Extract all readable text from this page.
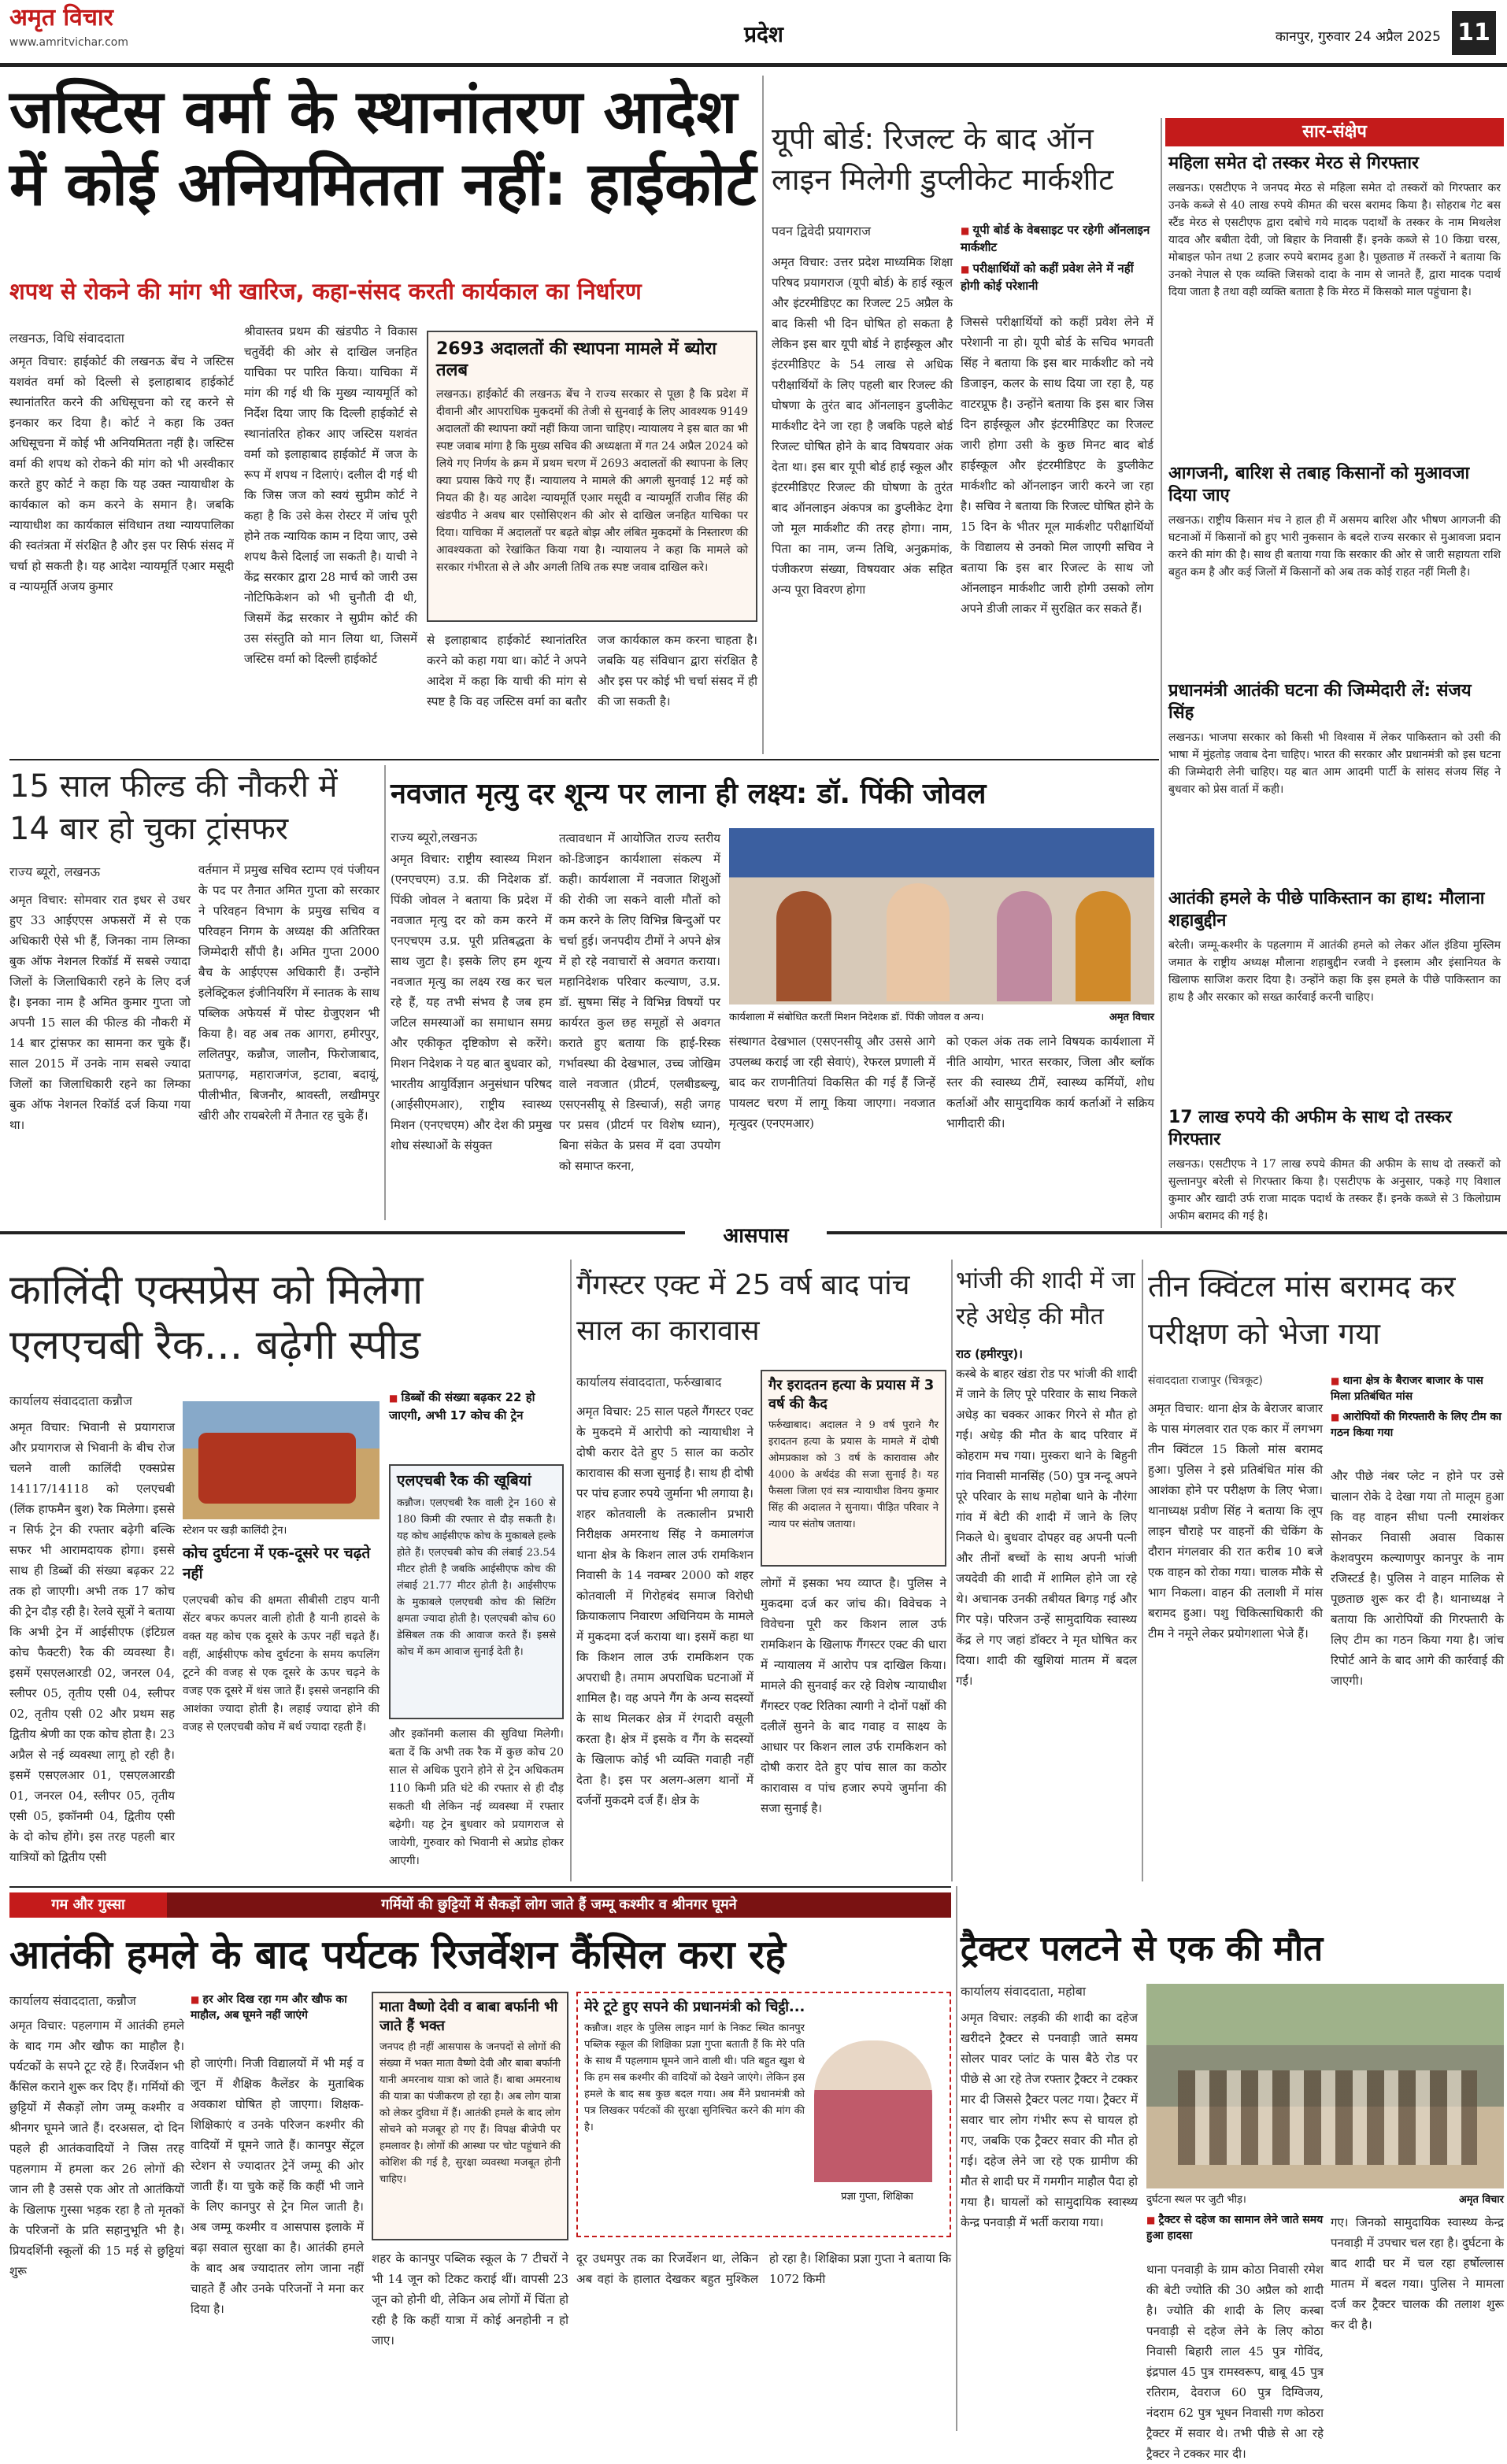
अमृत विचार
www.amritvichar.com	प्रदेश	कानपुर, गुरुवार 24 अप्रैल 2025 11
जस्टिस वर्मा के स्थानांतरण आदेश में कोई अनियमितता नहीं: हाईकोर्ट
शपथ से रोकने की मांग भी खारिज, कहा-संसद करती कार्यकाल का निर्धारण
लखनऊ, विधि संवाददाता
अमृत विचार: हाईकोर्ट की लखनऊ बेंच ने जस्टिस यशवंत वर्मा को दिल्ली से इलाहाबाद हाईकोर्ट स्थानांतरित करने की अधिसूचना को रद्द करने से इनकार कर दिया है। कोर्ट ने कहा कि उक्त अधिसूचना में कोई भी अनियमितता नहीं है। जस्टिस वर्मा की शपथ को रोकने की मांग को भी अस्वीकार करते हुए कोर्ट ने कहा कि यह उक्त न्यायाधीश के कार्यकाल को कम करने के समान है। जबकि न्यायाधीश का कार्यकाल संविधान तथा न्यायपालिका की स्वतंत्रता में संरक्षित है और इस पर सिर्फ संसद में चर्चा हो सकती है। यह आदेश न्यायमूर्ति एआर मसूदी व न्यायमूर्ति अजय कुमार
श्रीवास्तव प्रथम की खंडपीठ ने विकास चतुर्वेदी की ओर से दाखिल जनहित याचिका पर पारित किया। याचिका में मांग की गई थी कि मुख्य न्यायमूर्ति को निर्देश दिया जाए कि दिल्ली हाईकोर्ट से स्थानांतरित होकर आए जस्टिस यशवंत वर्मा को इलाहाबाद हाईकोर्ट में जज के रूप में शपथ न दिलाएं। दलील दी गई थी कि जिस जज को स्वयं सुप्रीम कोर्ट ने कहा है कि उसे केस रोस्टर में जांच पूरी होने तक न्यायिक काम न दिया जाए, उसे शपथ कैसे दिलाई जा सकती है। याची ने केंद्र सरकार द्वारा 28 मार्च को जारी उस नोटिफिकेशन को भी चुनौती दी थी, जिसमें केंद्र सरकार ने सुप्रीम कोर्ट की उस संस्तुति को मान लिया था, जिसमें जस्टिस वर्मा को दिल्ली हाईकोर्ट
2693 अदालतों की स्थापना मामले में ब्योरा तलब
लखनऊ। हाईकोर्ट की लखनऊ बेंच ने राज्य सरकार से पूछा है कि प्रदेश में दीवानी और आपराधिक मुकदमों की तेजी से सुनवाई के लिए आवश्यक 9149 अदालतों की स्थापना क्यों नहीं किया जाना चाहिए। न्यायालय ने इस बात का भी स्पष्ट जवाब मांगा है कि मुख्य सचिव की अध्यक्षता में गत 24 अप्रैल 2024 को लिये गए निर्णय के क्रम में प्रथम चरण में 2693 अदालतों की स्थापना के लिए क्या प्रयास किये गए हैं। न्यायालय ने मामले की अगली सुनवाई 12 मई को नियत की है। यह आदेश न्यायमूर्ति एआर मसूदी व न्यायमूर्ति राजीव सिंह की खंडपीठ ने अवध बार एसोसिएशन की ओर से दाखिल जनहित याचिका पर दिया। याचिका में अदालतों पर बढ़ते बोझ और लंबित मुकदमों के निस्तारण की आवश्यकता को रेखांकित किया गया है। न्यायालय ने कहा कि मामले को सरकार गंभीरता से ले और अगली तिथि तक स्पष्ट जवाब दाखिल करे।
से इलाहाबाद हाईकोर्ट स्थानांतरित करने को कहा गया था। कोर्ट ने अपने आदेश में कहा कि याची की मांग से स्पष्ट है कि वह जस्टिस वर्मा का बतौर जज कार्यकाल कम करना चाहता है। जबकि यह संविधान द्वारा संरक्षित है और इस पर कोई भी चर्चा संसद में ही की जा सकती है।
यूपी बोर्ड: रिजल्ट के बाद ऑन लाइन मिलेगी डुप्लीकेट मार्कशीट
पवन द्विवेदी प्रयागराज	■ यूपी बोर्ड के वेबसाइट पर रहेगी ऑनलाइन मार्कशीट
■ परीक्षार्थियों को कहीं प्रवेश लेने में नहीं होगी कोई परेशानी
अमृत विचार: उत्तर प्रदेश माध्यमिक शिक्षा परिषद प्रयागराज (यूपी बोर्ड) के हाई स्कूल और इंटरमीडिएट का रिजल्ट 25 अप्रैल के बाद किसी भी दिन घोषित हो सकता है लेकिन इस बार यूपी बोर्ड ने हाईस्कूल और इंटरमीडिएट के 54 लाख से अधिक परीक्षार्थियों के लिए पहली बार रिजल्ट की घोषणा के तुरंत बाद ऑनलाइन डुप्लीकेट मार्कशीट देने जा रहा है जबकि पहले बोर्ड रिजल्ट घोषित होने के बाद विषयवार अंक देता था। इस बार यूपी बोर्ड हाई स्कूल और इंटरमीडिएट रिजल्ट की घोषणा के तुरंत बाद ऑनलाइन अंकपत्र का डुप्लीकेट देगा जो मूल मार्कशीट की तरह होगा। नाम, पिता का नाम, जन्म तिथि, अनुक्रमांक, पंजीकरण संख्या, विषयवार अंक सहित अन्य पूरा विवरण होगा
जिससे परीक्षार्थियों को कहीं प्रवेश लेने में परेशानी ना हो। यूपी बोर्ड के सचिव भगवती सिंह ने बताया कि इस बार मार्कशीट को नये डिजाइन, कलर के साथ दिया जा रहा है, यह वाटरप्रूफ है। उन्होंने बताया कि इस बार जिस दिन हाईस्कूल और इंटरमीडिएट का रिजल्ट जारी होगा उसी के कुछ मिनट बाद बोर्ड हाईस्कूल और इंटरमीडिएट के डुप्लीकेट मार्कशीट को ऑनलाइन जारी करने जा रहा है। सचिव ने बताया कि रिजल्ट घोषित होने के 15 दिन के भीतर मूल मार्कशीट परीक्षार्थियों के विद्यालय से उनको मिल जाएगी सचिव ने बताया कि इस बार रिजल्ट के साथ जो ऑनलाइन मार्कशीट जारी होगी उसको लोग अपने डीजी लाकर में सुरक्षित कर सकते हैं।
सार-संक्षेप
महिला समेत दो तस्कर मेरठ से गिरफ्तार
लखनऊ। एसटीएफ ने जनपद मेरठ से महिला समेत दो तस्करों को गिरफ्तार कर उनके कब्जे से 40 लाख रुपये कीमत की चरस बरामद किया है। सोहराब गेट बस स्टैंड मेरठ से एसटीएफ द्वारा दबोचे गये मादक पदार्थों के तस्कर के नाम मिथलेश यादव और बबीता देवी, जो बिहार के निवासी हैं। इनके कब्जे से 10 किग्रा चरस, मोबाइल फोन तथा 2 हजार रुपये बरामद हुआ है। पूछताछ में तस्करों ने बताया कि उनको नेपाल से एक व्यक्ति जिसको दादा के नाम से जानते हैं, द्वारा मादक पदार्थ दिया जाता है तथा वही व्यक्ति बताता है कि मेरठ में किसको माल पहुंचाना है।
आगजनी, बारिश से तबाह किसानों को मुआवजा दिया जाए
लखनऊ। राष्ट्रीय किसान मंच ने हाल ही में असमय बारिश और भीषण आगजनी की घटनाओं में किसानों को हुए भारी नुकसान के बदले राज्य सरकार से मुआवजा प्रदान करने की मांग की है। साथ ही बताया गया कि सरकार की ओर से जारी सहायता राशि बहुत कम है और कई जिलों में किसानों को अब तक कोई राहत नहीं मिली है।
प्रधानमंत्री आतंकी घटना की जिम्मेदारी लें: संजय सिंह
लखनऊ। भाजपा सरकार को किसी भी विश्वास में लेकर पाकिस्तान को उसी की भाषा में मुंहतोड़ जवाब देना चाहिए। भारत की सरकार और प्रधानमंत्री को इस घटना की जिम्मेदारी लेनी चाहिए। यह बात आम आदमी पार्टी के सांसद संजय सिंह ने बुधवार को प्रेस वार्ता में कही।
आतंकी हमले के पीछे पाकिस्तान का हाथ: मौलाना शहाबुद्दीन
बरेली। जम्मू-कश्मीर के पहलगाम में आतंकी हमले को लेकर ऑल इंडिया मुस्लिम जमात के राष्ट्रीय अध्यक्ष मौलाना शहाबुद्दीन रजवी ने इस्लाम और इंसानियत के खिलाफ साजिश करार दिया है। उन्होंने कहा कि इस हमले के पीछे पाकिस्तान का हाथ है और सरकार को सख्त कार्रवाई करनी चाहिए।
17 लाख रुपये की अफीम के साथ दो तस्कर गिरफ्तार
लखनऊ। एसटीएफ ने 17 लाख रुपये कीमत की अफीम के साथ दो तस्करों को सुल्तानपुर बरेली से गिरफ्तार किया है। एसटीएफ के अनुसार, पकड़े गए विशाल कुमार और खादी उर्फ राजा मादक पदार्थ के तस्कर हैं। इनके कब्जे से 3 किलोग्राम अफीम बरामद की गई है।
15 साल फील्ड की नौकरी में 14 बार हो चुका ट्रांसफर
राज्य ब्यूरो, लखनऊ
अमृत विचार: सोमवार रात इधर से उधर हुए 33 आईएएस अफसरों में से एक अधिकारी ऐसे भी हैं, जिनका नाम लिम्का बुक ऑफ नेशनल रिकॉर्ड में सबसे ज्यादा जिलों के जिलाधिकारी रहने के लिए दर्ज है। इनका नाम है अमित कुमार गुप्ता जो अपनी 15 साल की फील्ड की नौकरी में 14 बार ट्रांसफर का सामना कर चुके हैं। साल 2015 में उनके नाम सबसे ज्यादा जिलों का जिलाधिकारी रहने का लिम्का बुक ऑफ नेशनल रिकॉर्ड दर्ज किया गया था।
वर्तमान में प्रमुख सचिव स्टाम्प एवं पंजीयन के पद पर तैनात अमित गुप्ता को सरकार ने परिवहन विभाग के प्रमुख सचिव व परिवहन निगम के अध्यक्ष की अतिरिक्त जिम्मेदारी सौंपी है। अमित गुप्ता 2000 बैच के आईएएस अधिकारी हैं। उन्होंने इलेक्ट्रिकल इंजीनियरिंग में स्नातक के साथ पब्लिक अफेयर्स में पोस्ट ग्रेजुएशन भी किया है। वह अब तक आगरा, हमीरपुर, ललितपुर, कन्नौज, जालौन, फिरोजाबाद, प्रतापगढ़, महाराजगंज, इटावा, बदायूं, पीलीभीत, बिजनौर, श्रावस्ती, लखीमपुर खीरी और रायबरेली में तैनात रह चुके हैं।
नवजात मृत्यु दर शून्य पर लाना ही लक्ष्य: डॉ. पिंकी जोवल
राज्य ब्यूरो,लखनऊ
अमृत विचार: राष्ट्रीय स्वास्थ्य मिशन (एनएचएम) उ.प्र. की निदेशक डॉ. पिंकी जोवल ने बताया कि प्रदेश में नवजात मृत्यु दर को कम करने में एनएचएम उ.प्र. पूरी प्रतिबद्धता के साथ जुटा है। इसके लिए हम शून्य नवजात मृत्यु का लक्ष्य रख कर चल रहे हैं, यह तभी संभव है जब हम जटिल समस्याओं का समाधान समग्र और एकीकृत दृष्टिकोण से करेंगे। मिशन निदेशक ने यह बात बुधवार को, भारतीय आयुर्विज्ञान अनुसंधान परिषद (आईसीएमआर), राष्ट्रीय स्वास्थ्य मिशन (एनएचएम) और देश की प्रमुख शोध संस्थाओं के संयुक्त
तत्वावधान में आयोजित राज्य स्तरीय को-डिजाइन कार्यशाला संकल्प में कही। कार्यशाला में नवजात शिशुओं की रोकी जा सकने वाली मौतों को कम करने के लिए विभिन्न बिन्दुओं पर चर्चा हुई। जनपदीय टीमों ने अपने क्षेत्र में हो रहे नवाचारों से अवगत कराया। महानिदेशक परिवार कल्याण, उ.प्र. डॉ. सुषमा सिंह ने विभिन्न विषयों पर कार्यरत कुल छह समूहों से अवगत कराते हुए बताया कि हाई-रिस्क गर्भावस्था की देखभाल, उच्च जोखिम वाले नवजात (प्रीटर्म, एलबीडब्ल्यू, एसएनसीयू से डिस्चार्ज), सही जगह पर प्रसव (प्रीटर्म पर विशेष ध्यान), बिना संकेत के प्रसव में दवा उपयोग को समाप्त करना,
कार्यशाला में संबोधित करतीं मिशन निदेशक डॉ. पिंकी जोवल व अन्य।	अमृत विचार
संस्थागत देखभाल (एसएनसीयू और उससे आगे उपलब्ध कराई जा रही सेवाएं), रेफरल प्रणाली में बाद कर राणनीतियां विकसित की गई हैं जिन्हें पायलट चरण में लागू किया जाएगा। नवजात मृत्युदर (एनएमआर)
को एकल अंक तक लाने विषयक कार्यशाला में नीति आयोग, भारत सरकार, जिला और ब्लॉक स्तर की स्वास्थ्य टीमें, स्वास्थ्य कर्मियों, शोध कर्ताओं और सामुदायिक कार्य कर्ताओं ने सक्रिय भागीदारी की।
आसपास
कालिंदी एक्सप्रेस को मिलेगा एलएचबी रैक... बढ़ेगी स्पीड
कार्यालय संवाददाता कन्नौज
अमृत विचार: भिवानी से प्रयागराज और प्रयागराज से भिवानी के बीच रोज चलने वाली कालिंदी एक्सप्रेस 14117/14118 को एलएचबी (लिंक हाफमैन बुश) रैक मिलेगा। इससे न सिर्फ ट्रेन की रफ्तार बढ़ेगी बल्कि सफर भी आरामदायक होगा। इससे साथ ही डिब्बों की संख्या बढ़कर 22 तक हो जाएगी। अभी तक 17 कोच की ट्रेन दौड़ रही है। रेलवे सूत्रों ने बताया कि अभी ट्रेन में आईसीएफ (इंटिग्रल कोच फैक्टरी) रैक की व्यवस्था है। इसमें एसएलआरडी 02, जनरल 04, स्लीपर 05, तृतीय एसी 04, स्लीपर 02, तृतीय एसी 02 और प्रथम सह द्वितीय श्रेणी का एक कोच होता है। 23 अप्रैल से नई व्यवस्था लागू हो रही है। इसमें एसएलआर 01, एसएलआरडी 01, जनरल 04, स्लीपर 05, तृतीय एसी 05, इकॉनमी 04, द्वितीय एसी के दो कोच होंगे। इस तरह पहली बार यात्रियों को द्वितीय एसी
स्टेशन पर खड़ी कालिंदी ट्रेन।
कोच दुर्घटना में एक-दूसरे पर चढ़ते नहीं
एलएचबी कोच की क्षमता सीबीसी टाइप यानी सेंटर बफर कपलर वाली होती है यानी हादसे के वक्त यह कोच एक दूसरे के ऊपर नहीं चढ़ते हैं। वहीं, आईसीएफ कोच दुर्घटना के समय कपलिंग टूटने की वजह से एक दूसरे के ऊपर चढ़ने के वजह एक दूसरे में धंस जाते हैं। इससे जनहानि की आशंका ज्यादा होती है। लहाई ज्यादा होने की वजह से एलएचबी कोच में बर्थ ज्यादा रहती हैं।
■ डिब्बों की संख्या बढ़कर 22 हो जाएगी, अभी 17 कोच की ट्रेन
एलएचबी रैक की खूबियां
कन्नौज। एलएचबी रैक वाली ट्रेन 160 से 180 किमी की रफ्तार से दौड़ सकती है। यह कोच आईसीएफ कोच के मुकाबले हल्के होते हैं। एलएचबी कोच की लंबाई 23.54 मीटर होती है जबकि आईसीएफ कोच की लंबाई 21.77 मीटर होती है। आईसीएफ के मुकाबले एलएचबी कोच की सिटिंग क्षमता ज्यादा होती है। एलएचबी कोच 60 डेसिबल तक की आवाज करते हैं। इससे कोच में कम आवाज सुनाई देती है।
और इकॉनमी कलास की सुविधा मिलेगी। बता दें कि अभी तक रैक में कुछ कोच 20 साल से अधिक पुराने होने से ट्रेन अधिकतम 110 किमी प्रति घंटे की रफ्तार से ही दौड़ सकती थी लेकिन नई व्यवस्था में रफ्तार बढ़ेगी। यह ट्रेन बुधवार को प्रयागराज से जायेगी, गुरुवार को भिवानी से अप्रोड होकर आएगी।
गैंगस्टर एक्ट में 25 वर्ष बाद पांच साल का कारावास
कार्यालय संवाददाता, फर्रुखाबाद	गैर इरादतन हत्या के प्रयास में 3 वर्ष की कैद
फर्रुखाबाद। अदालत ने 9 वर्ष पुराने गैर इरादतन हत्या के प्रयास के मामले में दोषी ओमप्रकाश को 3 वर्ष के कारावास और 4000 के अर्थदंड की सजा सुनाई है। यह फैसला जिला एवं सत्र न्यायाधीश विनय कुमार सिंह की अदालत ने सुनाया। पीड़ित परिवार ने न्याय पर संतोष जताया।
अमृत विचार: 25 साल पहले गैंगस्टर एक्ट के मुकदमे में आरोपी को न्यायाधीश ने दोषी करार देते हुए 5 साल का कठोर कारावास की सजा सुनाई है। साथ ही दोषी पर पांच हजार रुपये जुर्माना भी लगाया है। शहर कोतवाली के तत्कालीन प्रभारी निरीक्षक अमरनाथ सिंह ने कमालगंज थाना क्षेत्र के किशन लाल उर्फ रामकिशन निवासी के 14 नवम्बर 2000 को शहर कोतवाली में गिरोहबंद समाज विरोधी क्रियाकलाप निवारण अधिनियम के मामले में मुकदमा दर्ज कराया था। इसमें कहा था कि किशन लाल उर्फ रामकिशन एक अपराधी है। तमाम अपराधिक घटनाओं में शामिल है। वह अपने गैंग के अन्य सदस्यों के साथ मिलकर क्षेत्र में रंगदारी वसूली करता है। क्षेत्र में इसके व गैंग के सदस्यों के खिलाफ कोई भी व्यक्ति गवाही नहीं देता है। इस पर अलग-अलग थानों में दर्जनों मुकदमे दर्ज हैं। क्षेत्र के
लोगों में इसका भय व्याप्त है। पुलिस ने मुकदमा दर्ज कर जांच की। विवेचक ने विवेचना पूरी कर किशन लाल उर्फ रामकिशन के खिलाफ गैंगस्टर एक्ट की धारा में न्यायालय में आरोप पत्र दाखिल किया। मामले की सुनवाई कर रहे विशेष न्यायाधीश गैंगस्टर एक्ट रितिका त्यागी ने दोनों पक्षों की दलीलें सुनने के बाद गवाह व साक्ष्य के आधार पर किशन लाल उर्फ रामकिशन को दोषी करार देते हुए पांच साल का कठोर कारावास व पांच हजार रुपये जुर्माना की सजा सुनाई है।
भांजी की शादी में जा रहे अधेड़ की मौत
राठ (हमीरपुर)।
कस्बे के बाहर खंडा रोड पर भांजी की शादी में जाने के लिए पूरे परिवार के साथ निकले अधेड़ का चक्कर आकर गिरने से मौत हो गई। अधेड़ की मौत के बाद परिवार में कोहराम मच गया। मुस्करा थाने के बिहुनी गांव निवासी मानसिंह (50) पुत्र नन्दू अपने पूरे परिवार के साथ महोबा थाने के नौरंगा गांव में बेटी की शादी में जाने के लिए निकले थे। बुधवार दोपहर वह अपनी पत्नी और तीनों बच्चों के साथ अपनी भांजी जयदेवी की शादी में शामिल होने जा रहे थे। अचानक उनकी तबीयत बिगड़ गई और गिर पड़े। परिजन उन्हें सामुदायिक स्वास्थ्य केंद्र ले गए जहां डॉक्टर ने मृत घोषित कर दिया। शादी की खुशियां मातम में बदल गईं।
तीन क्विंटल मांस बरामद कर परीक्षण को भेजा गया
संवाददाता राजापुर (चित्रकूट)	■ थाना क्षेत्र के बैराजर बाजार के पास मिला प्रतिबंधित मांस
■ आरोपियों की गिरफ्तारी के लिए टीम का गठन किया गया
अमृत विचार: थाना क्षेत्र के बेराजर बाजार के पास मंगलवार रात एक कार में लगभग तीन क्विंटल 15 किलो मांस बरामद हुआ। पुलिस ने इसे प्रतिबंधित मांस की आशंका होने पर परीक्षण के लिए भेजा। थानाध्यक्ष प्रवीण सिंह ने बताया कि लूप लाइन चौराहे पर वाहनों की चेकिंग के दौरान मंगलवार की रात करीब 10 बजे एक वाहन को रोका गया। चालक मौके से भाग निकला। वाहन की तलाशी में मांस बरामद हुआ। पशु चिकित्साधिकारी की टीम ने नमूने लेकर प्रयोगशाला भेजे हैं।
और पीछे नंबर प्लेट न होने पर उसे चालान रोके दे देखा गया तो मालूम हुआ कि वह वाहन सीधा पत्नी रमाशंकर सोनकर निवासी अवास विकास केशवपुरम कल्याणपुर कानपुर के नाम रजिस्टर्ड है। पुलिस ने वाहन मालिक से पूछताछ शुरू कर दी है। थानाध्यक्ष ने बताया कि आरोपियों की गिरफ्तारी के लिए टीम का गठन किया गया है। जांच रिपोर्ट आने के बाद आगे की कार्रवाई की जाएगी।
गम और गुस्सा	गर्मियों की छुट्टियों में सैकड़ों लोग जाते हैं जम्मू कश्मीर व श्रीनगर घूमने
आतंकी हमले के बाद पर्यटक रिजर्वेशन कैंसिल करा रहे
कार्यालय संवाददाता, कन्नौज
अमृत विचार: पहलगाम में आतंकी हमले के बाद गम और खौफ का माहौल है। पर्यटकों के सपने टूट रहे हैं। रिजर्वेशन भी कैंसिल कराने शुरू कर दिए हैं। गर्मियों की छुट्टियों में सैकड़ों लोग जम्मू कश्मीर व श्रीनगर घूमने जाते हैं। दरअसल, दो दिन पहले ही आतंकवादियों ने जिस तरह पहलगाम में हमला कर 26 लोगों की जान ली है उससे एक ओर तो आतंकियों के खिलाफ गुस्सा भड़क रहा है तो मृतकों के परिजनों के प्रति सहानुभूति भी है। प्रियदर्शिनी स्कूलों की 15 मई से छुट्टियां शुरू
■ हर ओर दिख रहा गम और खौफ का माहौल, अब घूमने नहीं जाएंगे
हो जाएंगी। निजी विद्यालयों में भी मई व जून में शैक्षिक कैलेंडर के मुताबिक अवकाश घोषित हो जाएगा। शिक्षक-शिक्षिकाएं व उनके परिजन कश्मीर की वादियों में घूमने जाते हैं। कानपुर सेंट्रल स्टेशन से ज्यादातर ट्रेनें जम्मू की ओर जाती हैं। या चुके कहें कि कहीं भी जाने के लिए कानपुर से ट्रेन मिल जाती है। अब जम्मू कश्मीर व आसपास इलाके में बढ़ा सवाल सुरक्षा का है। आतंकी हमले के बाद अब ज्यादातर लोग जाना नहीं चाहते हैं और उनके परिजनों ने मना कर दिया है।
माता वैष्णो देवी व बाबा बर्फानी भी जाते हैं भक्त
जनपद ही नहीं आसपास के जनपदों से लोगों की संख्या में भक्त माता वैष्णो देवी और बाबा बर्फानी यानी अमरनाथ यात्रा को जाते हैं। बाबा अमरनाथ की यात्रा का पंजीकरण हो रहा है। अब लोग यात्रा को लेकर दुविधा में हैं। आतंकी हमले के बाद लोग सोचने को मजबूर हो गए हैं। विपक्ष बीजेपी पर हमलावर है। लोगों की आस्था पर चोट पहुंचाने की कोशिश की गई है, सुरक्षा व्यवस्था मजबूत होनी चाहिए।
शहर के कानपुर पब्लिक स्कूल के 7 टीचरों ने भी 14 जून को टिकट कराई थीं। वापसी 23 जून को होनी थी, लेकिन अब लोगों में चिंता हो रही है कि कहीं यात्रा में कोई अनहोनी न हो जाए।
मेरे टूटे हुए सपने की प्रधानमंत्री को चिट्ठी...
कन्नौज। शहर के पुलिस लाइन मार्ग के निकट स्थित कानपुर पब्लिक स्कूल की शिक्षिका प्रज्ञा गुप्ता बताती हैं कि मेरे पति के साथ मैं पहलगाम घूमने जाने वाली थी। पति बहुत खुश थे कि हम सब कश्मीर की वादियों को देखने जाएंगे। लेकिन इस हमले के बाद सब कुछ बदल गया। अब मैंने प्रधानमंत्री को पत्र लिखकर पर्यटकों की सुरक्षा सुनिश्चित करने की मांग की है।
प्रज्ञा गुप्ता, शिक्षिका
दूर उधमपुर तक का रिजर्वेशन था, लेकिन अब वहां के हालात देखकर बहुत मुश्किल हो रहा है। शिक्षिका प्रज्ञा गुप्ता ने बताया कि 1072 किमी
ट्रैक्टर पलटने से एक की मौत
कार्यालय संवाददाता, महोबा
अमृत विचार: लड़की की शादी का दहेज खरीदने ट्रैक्टर से पनवाड़ी जाते समय सोलर पावर प्लांट के पास बैठे रोड पर पीछे से आ रहे तेज रफ्तार ट्रैक्टर ने टक्कर मार दी जिससे ट्रैक्टर पलट गया। ट्रैक्टर में सवार चार लोग गंभीर रूप से घायल हो गए, जबकि एक ट्रैक्टर सवार की मौत हो गई। दहेज लेने जा रहे एक ग्रामीण की मौत से शादी घर में गमगीन माहौल पैदा हो गया है। घायलों को सामुदायिक स्वास्थ्य केन्द्र पनवाड़ी में भर्ती कराया गया।
दुर्घटना स्थल पर जुटी भीड़।	अमृत विचार
■ ट्रैक्टर से दहेज का सामान लेने जाते समय हुआ हादसा
थाना पनवाड़ी के ग्राम कोठा निवासी रमेश की बेटी ज्योति की 30 अप्रैल को शादी है। ज्योति की शादी के लिए कस्बा पनवाड़ी से दहेज लेने के लिए कोठा निवासी बिहारी लाल 45 पुत्र गोविंद, इंद्रपाल 45 पुत्र रामस्वरूप, बाबू 45 पुत्र रतिराम, देवराज 60 पुत्र दिग्विजय, नंदराम 62 पुत्र भूधन निवासी गण कोठरा ट्रैक्टर में सवार थे। तभी पीछे से आ रहे ट्रैक्टर ने टक्कर मार दी।
गए। जिनको सामुदायिक स्वास्थ्य केन्द्र पनवाड़ी में उपचार चल रहा है। दुर्घटना के बाद शादी घर में चल रहा हर्षोल्लास मातम में बदल गया। पुलिस ने मामला दर्ज कर ट्रैक्टर चालक की तलाश शुरू कर दी है।
